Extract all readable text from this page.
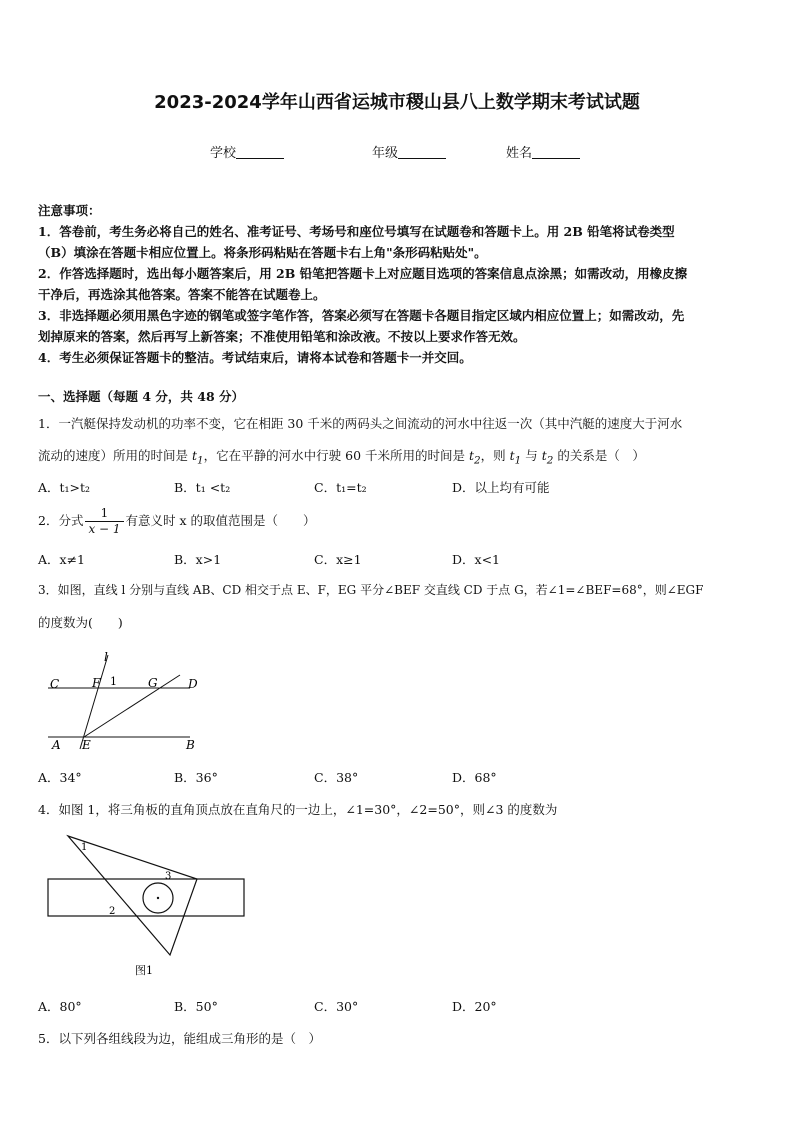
2023-2024学年山西省运城市稷山县八上数学期末考试试题
学校	年级	姓名
注意事项：
1．答卷前，考生务必将自己的姓名、准考证号、考场号和座位号填写在试题卷和答题卡上。用 2B 铅笔将试卷类型
（B）填涂在答题卡相应位置上。将条形码粘贴在答题卡右上角"条形码粘贴处"。
2．作答选择题时，选出每小题答案后，用 2B 铅笔把答题卡上对应题目选项的答案信息点涂黑；如需改动，用橡皮擦
干净后，再选涂其他答案。答案不能答在试题卷上。
3．非选择题必须用黑色字迹的钢笔或签字笔作答，答案必须写在答题卡各题目指定区域内相应位置上；如需改动，先
划掉原来的答案，然后再写上新答案；不准使用铅笔和涂改液。不按以上要求作答无效。
4．考生必须保证答题卡的整洁。考试结束后，请将本试卷和答题卡一并交回。
一、选择题（每题 4 分，共 48 分）
1．一汽艇保持发动机的功率不变，它在相距 30 千米的两码头之间流动的河水中往返一次（其中汽艇的速度大于河水
流动的速度）所用的时间是 $t_1$，它在平静的河水中行驶 60 千米所用的时间是 $t_2$，则 $t_1$ 与 $t_2$ 的关系是（　）
A．t₁>t₂	B．t₁ <t₂	C．t₁=t₂	D．以上均有可能
2．分式 $\frac{1}{x - 1}$ 有意义时 x 的取值范围是（　　）
A．x≠1	B．x>1	C．x≥1	D．x<1
3．如图，直线 l 分别与直线 AB、CD 相交于点 E、F，EG 平分∠BEF 交直线 CD 于点 G，若∠1=∠BEF=68°，则∠EGF
的度数为(　　)
C	F 1	G	D
l
A E	B
A．34°	B．36°	C．38°	D．68°
4．如图 1，将三角板的直角顶点放在直角尺的一边上，∠1=30°，∠2=50°，则∠3 的度数为
1
2
3
图1
A．80°	B．50°	C．30°	D．20°
5．以下列各组线段为边，能组成三角形的是（　）
